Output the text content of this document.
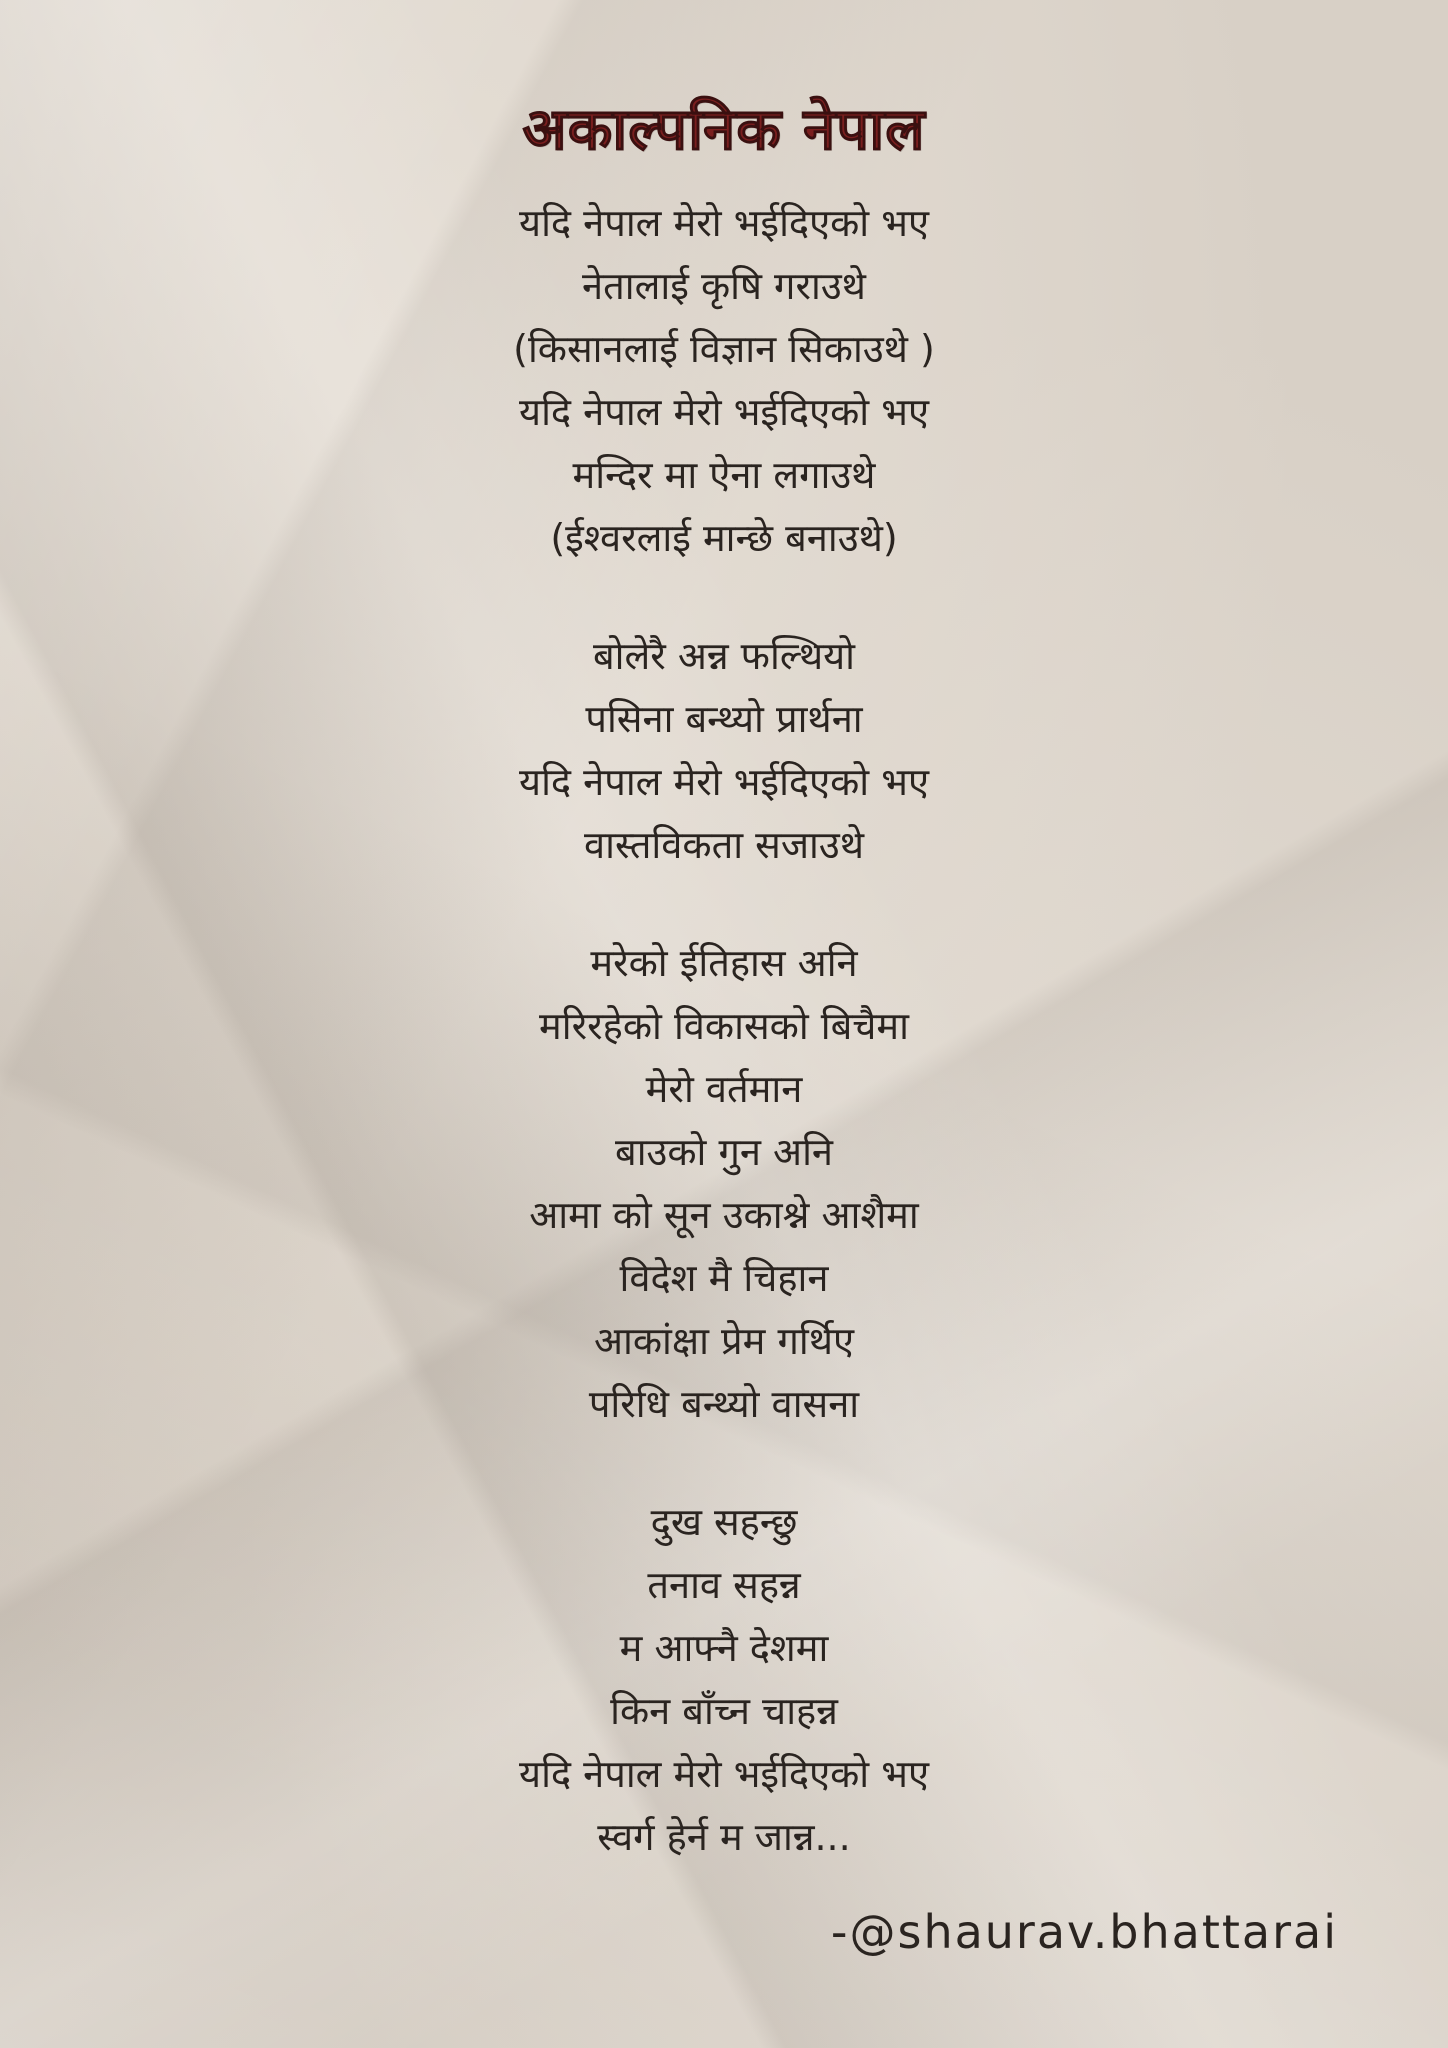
अकाल्पनिक नेपाल
यदि नेपाल मेरो भईदिएको भए
नेतालाई कृषि गराउथे
(किसानलाई विज्ञान सिकाउथे )
यदि नेपाल मेरो भईदिएको भए
मन्दिर मा ऐना लगाउथे
(ईश्वरलाई मान्छे बनाउथे)
बोलेरै अन्न फल्थियो
पसिना बन्थ्यो प्रार्थना
यदि नेपाल मेरो भईदिएको भए
वास्तविकता सजाउथे
मरेको ईतिहास अनि
मरिरहेको विकासको बिचैमा
मेरो वर्तमान
बाउको गुन अनि
आमा को सून उकाश्ने आशैमा
विदेश मै चिहान
आकांक्षा प्रेम गर्थिए
परिधि बन्थ्यो वासना
दुख सहन्छु
तनाव सहन्न
म आफ्नै देशमा
किन बाँच्न चाहन्न
यदि नेपाल मेरो भईदिएको भए
स्वर्ग हेर्न म जान्न...
-@shaurav.bhattarai
